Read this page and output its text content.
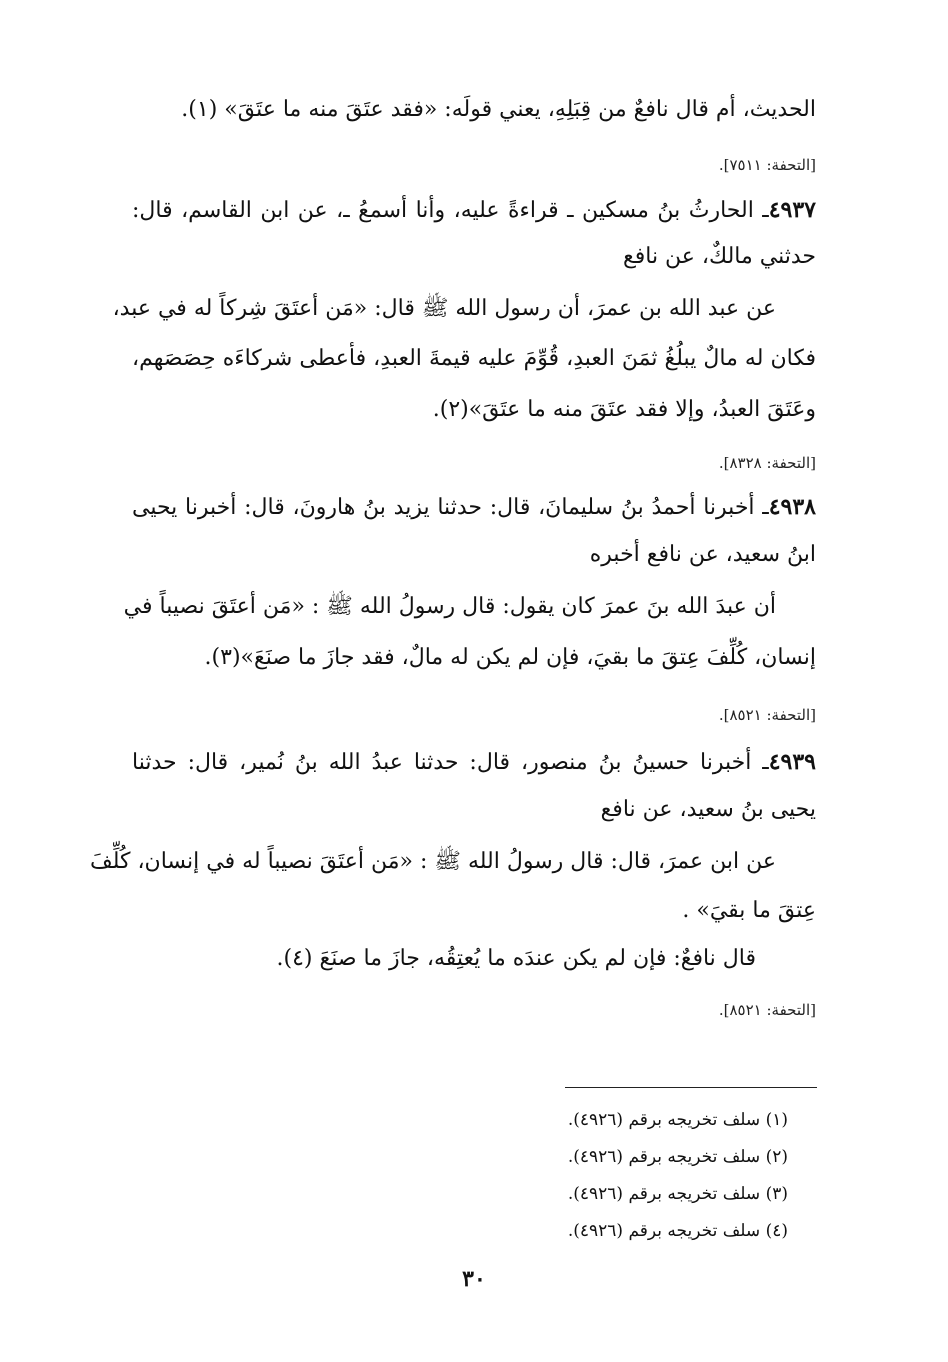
الحديث، أم قال نافعٌ من قِبَلِهِ، يعني قولَه: «فقد عتَقَ منه ما عتَقَ» (١).
[التحفة: ٧٥١١].
٤٩٣٧ـ الحارثُ بنُ مسكين ـ قراءةً عليه، وأنا أسمعُ ـ، عن ابن القاسم، قال:
حدثني مالكٌ، عن نافع
عن عبد الله بن عمرَ، أن رسول الله ﷺ قال: «مَن أعتَقَ شِركاً له في عبد،
فكان له مالٌ يبلُغُ ثمَنَ العبدِ، قُوِّمَ عليه قيمةَ العبدِ، فأعطى شركاءَه حِصَصَهم،
وعَتَقَ العبدُ، وإلا فقد عتَقَ منه ما عتَقَ»(٢).
[التحفة: ٨٣٢٨].
٤٩٣٨ـ أخبرنا أحمدُ بنُ سليمانَ، قال: حدثنا يزيد بنُ هارونَ، قال: أخبرنا يحيى
ابنُ سعيد، عن نافع أخبره
أن عبدَ الله بنَ عمرَ كان يقول: قال رسولُ الله ﷺ : «مَن أعتَقَ نصيباً في
إنسان، كُلِّفَ عِتقَ ما بقيَ، فإن لم يكن له مالٌ، فقد جازَ ما صنَعَ»(٣).
[التحفة: ٨٥٢١].
٤٩٣٩ـ أخبرنا حسينُ بنُ منصور، قال: حدثنا عبدُ الله بنُ نُمير، قال: حدثنا
يحيى بنُ سعيد، عن نافع
عن ابن عمرَ، قال: قال رسولُ الله ﷺ : «مَن أعتَقَ نصيباً له في إنسان، كُلِّفَ
عِتقَ ما بقيَ» .
قال نافعٌ: فإن لم يكن عندَه ما يُعتِقُه، جازَ ما صنَعَ (٤).
[التحفة: ٨٥٢١].
(١) سلف تخريجه برقم (٤٩٢٦).
(٢) سلف تخريجه برقم (٤٩٢٦).
(٣) سلف تخريجه برقم (٤٩٢٦).
(٤) سلف تخريجه برقم (٤٩٢٦).
٣٠
